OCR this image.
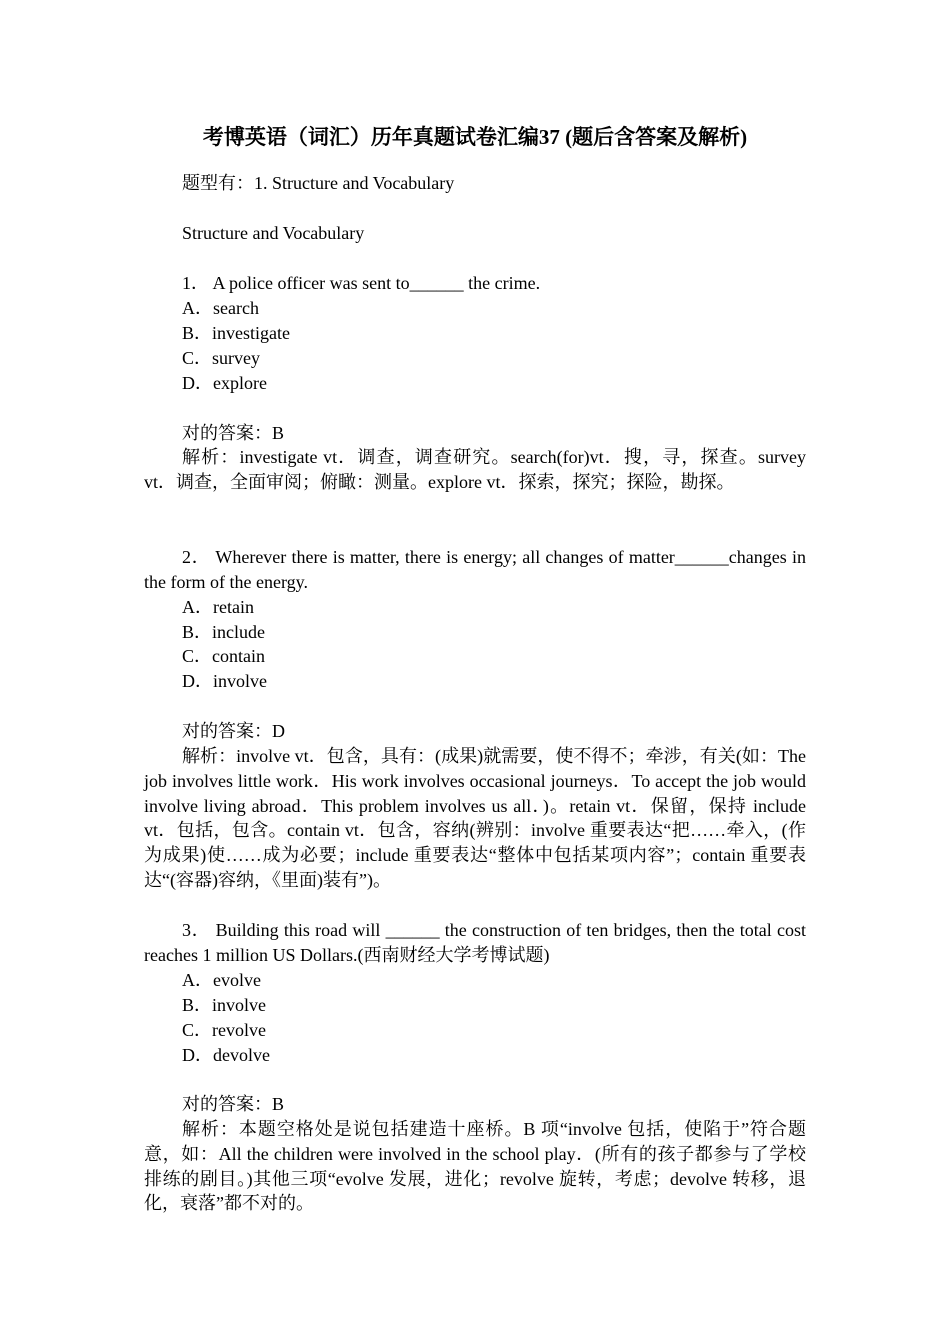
考博英语（词汇）历年真题试卷汇编37 (题后含答案及解析)
题型有：1. Structure and Vocabulary
Structure and Vocabulary
1． A police officer was sent to______ the crime.
A．search
B．investigate
C．survey
D．explore
对的答案：B

解析：investigate vt．调查，调查研究。search(for)vt．搜，寻，探查。survey vt．调查，全面审阅；俯瞰：测量。explore vt．探索，探究；探险，勘探。

2． Wherever there is matter, there is energy; all changes of matter______changes in the form of the energy.

A．retain
B．include
C．contain
D．involve
对的答案：D

解析：involve vt．包含，具有：(成果)就需要，使不得不；牵涉，有关(如：The job involves little work．His work involves occasional journeys．To accept the job would involve living abroad．This problem involves us all．)。retain vt．保留，保持 include vt．包括，包含。contain vt．包含，容纳(辨别：involve 重要表达“把……牵入，(作为成果)使……成为必要；include 重要表达“整体中包括某项内容”；contain 重要表达“(容器)容纳，《里面)装有”)。

3． Building this road will ______ the construction of ten bridges, then the total cost reaches 1 million US Dollars.(西南财经大学考博试题)

A．evolve
B．involve
C．revolve
D．devolve
对的答案：B

解析：本题空格处是说包括建造十座桥。B 项“involve 包括，使陷于”符合题意，如：All the children were involved in the school play．(所有的孩子都参与了学校排练的剧目。)其他三项“evolve 发展，进化；revolve 旋转，考虑；devolve 转移，退化，衰落”都不对的。
